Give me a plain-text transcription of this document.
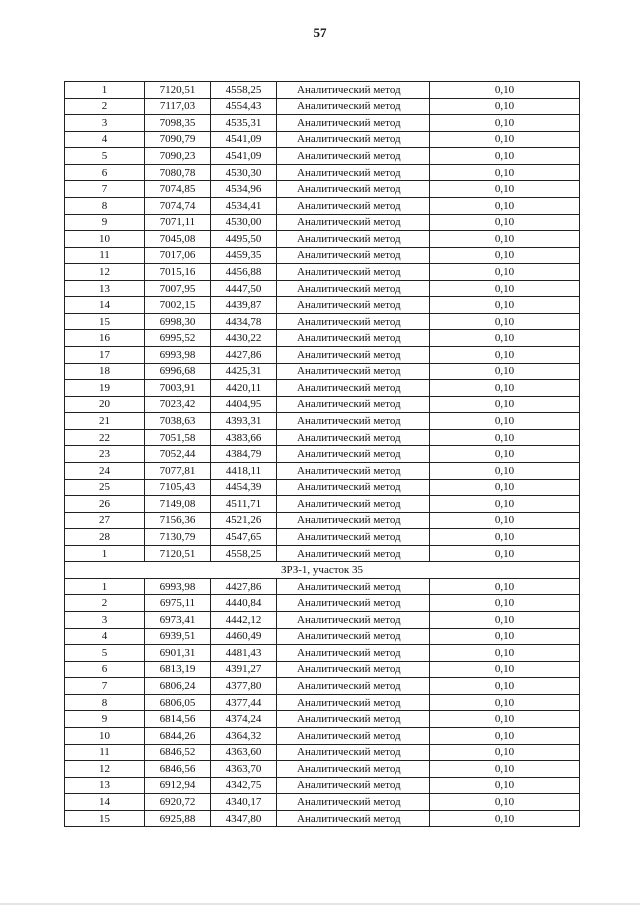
57
1	7120,51	4558,25	Аналитический метод	0,10
2	7117,03	4554,43	Аналитический метод	0,10
3	7098,35	4535,31	Аналитический метод	0,10
4	7090,79	4541,09	Аналитический метод	0,10
5	7090,23	4541,09	Аналитический метод	0,10
6	7080,78	4530,30	Аналитический метод	0,10
7	7074,85	4534,96	Аналитический метод	0,10
8	7074,74	4534,41	Аналитический метод	0,10
9	7071,11	4530,00	Аналитический метод	0,10
10	7045,08	4495,50	Аналитический метод	0,10
11	7017,06	4459,35	Аналитический метод	0,10
12	7015,16	4456,88	Аналитический метод	0,10
13	7007,95	4447,50	Аналитический метод	0,10
14	7002,15	4439,87	Аналитический метод	0,10
15	6998,30	4434,78	Аналитический метод	0,10
16	6995,52	4430,22	Аналитический метод	0,10
17	6993,98	4427,86	Аналитический метод	0,10
18	6996,68	4425,31	Аналитический метод	0,10
19	7003,91	4420,11	Аналитический метод	0,10
20	7023,42	4404,95	Аналитический метод	0,10
21	7038,63	4393,31	Аналитический метод	0,10
22	7051,58	4383,66	Аналитический метод	0,10
23	7052,44	4384,79	Аналитический метод	0,10
24	7077,81	4418,11	Аналитический метод	0,10
25	7105,43	4454,39	Аналитический метод	0,10
26	7149,08	4511,71	Аналитический метод	0,10
27	7156,36	4521,26	Аналитический метод	0,10
28	7130,79	4547,65	Аналитический метод	0,10
1	7120,51	4558,25	Аналитический метод	0,10
ЗРЗ-1, участок 35				
1	6993,98	4427,86	Аналитический метод	0,10
2	6975,11	4440,84	Аналитический метод	0,10
3	6973,41	4442,12	Аналитический метод	0,10
4	6939,51	4460,49	Аналитический метод	0,10
5	6901,31	4481,43	Аналитический метод	0,10
6	6813,19	4391,27	Аналитический метод	0,10
7	6806,24	4377,80	Аналитический метод	0,10
8	6806,05	4377,44	Аналитический метод	0,10
9	6814,56	4374,24	Аналитический метод	0,10
10	6844,26	4364,32	Аналитический метод	0,10
11	6846,52	4363,60	Аналитический метод	0,10
12	6846,56	4363,70	Аналитический метод	0,10
13	6912,94	4342,75	Аналитический метод	0,10
14	6920,72	4340,17	Аналитический метод	0,10
15	6925,88	4347,80	Аналитический метод	0,10
